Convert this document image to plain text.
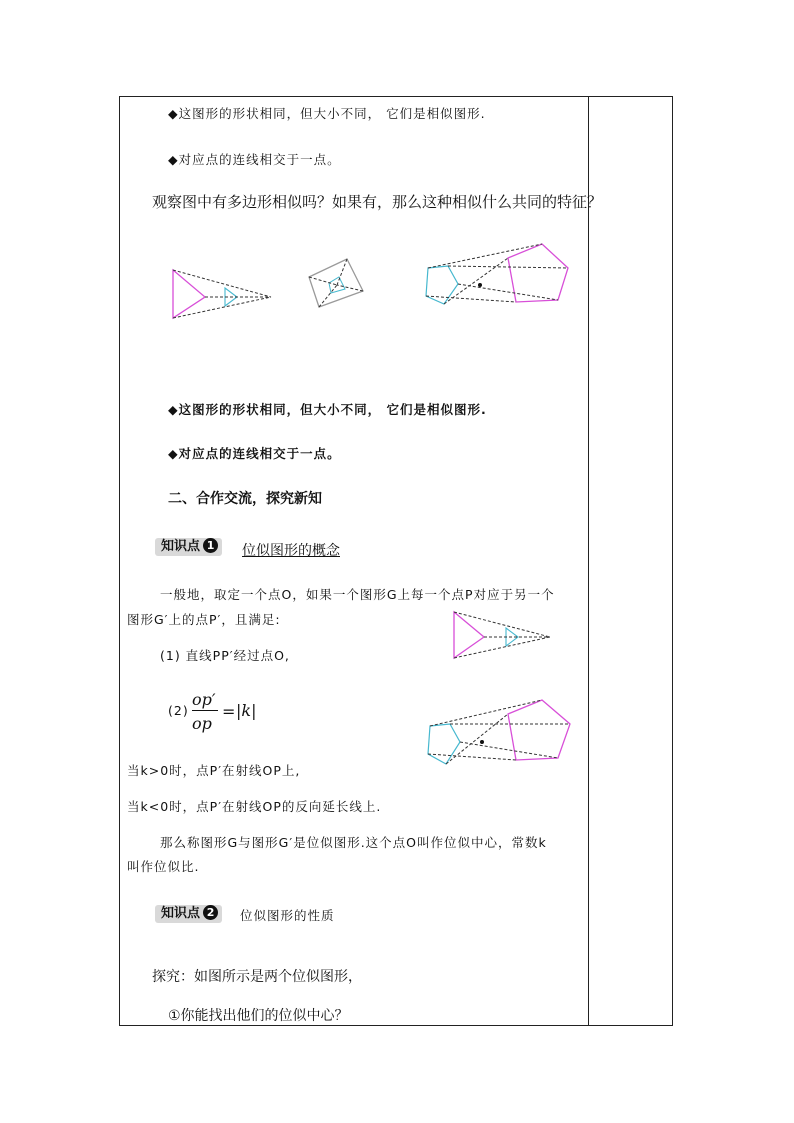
◆这图形的形状相同，但大小不同， 它们是相似图形.
◆对应点的连线相交于一点。
观察图中有多边形相似吗？如果有，那么这种相似什么共同的特征？
◆这图形的形状相同，但大小不同， 它们是相似图形.
◆对应点的连线相交于一点。
二、合作交流，探究新知
知识点 1	位似图形的概念
一般地，取定一个点O，如果一个图形G上每一个点P对应于另一个
图形G′上的点P′，且满足:
(1) 直线PP′经过点O,
(2)
op′
op
= |k|
当k>0时，点P′在射线OP上,
当k<0时，点P′在射线OP的反向延长线上.
那么称图形G与图形G′是位似图形.这个点O叫作位似中心，常数k
叫作位似比.
知识点 2	位似图形的性质
探究：如图所示是两个位似图形，
①你能找出他们的位似中心？
